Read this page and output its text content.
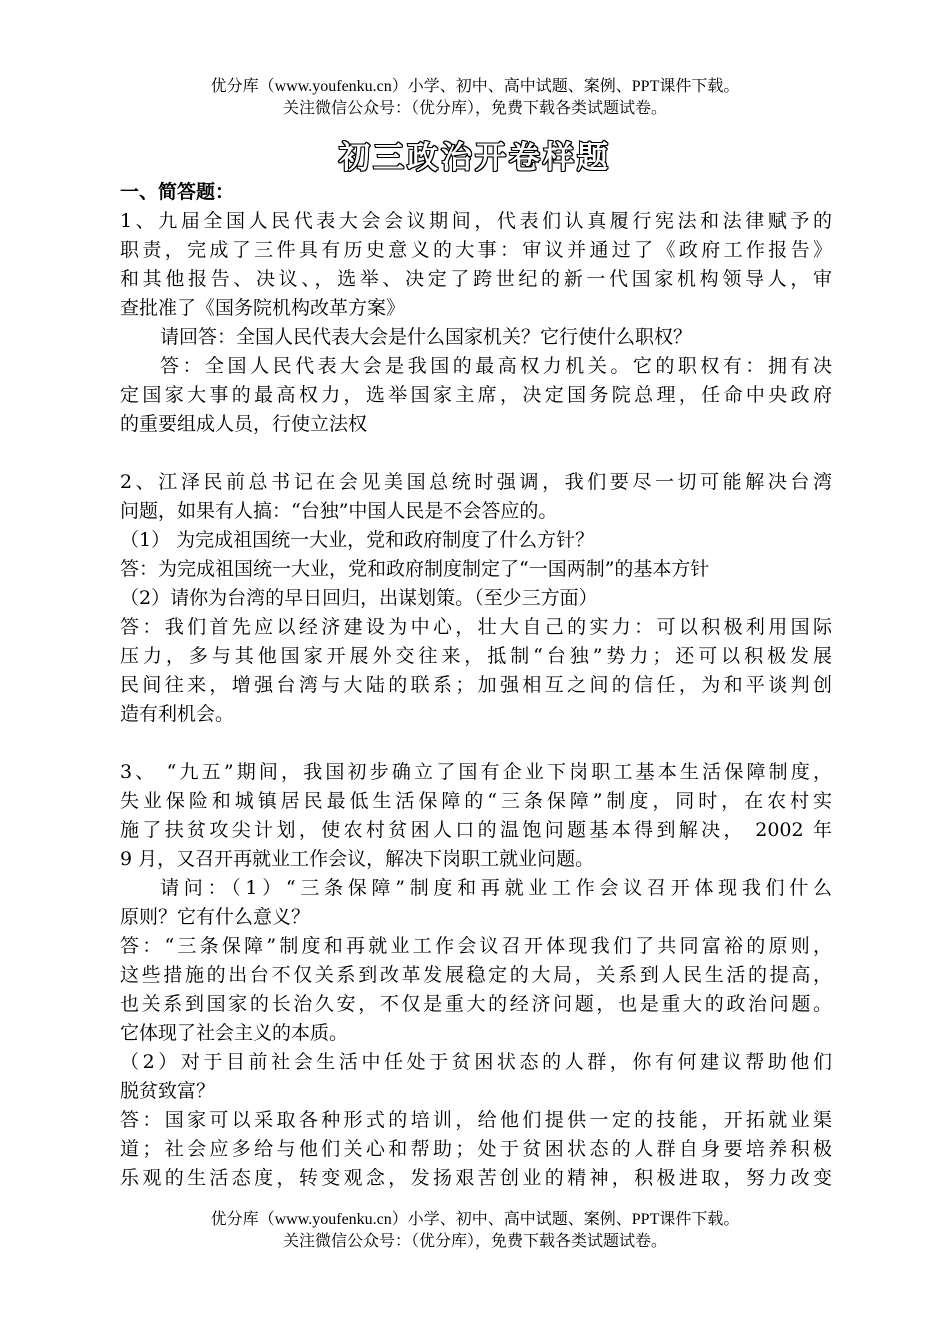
优分库（www.youfenku.cn）小学、初中、高中试题、案例、PPT课件下载。
关注微信公众号：（优分库），免费下载各类试题试卷。
初三政治开卷样题
一、简答题：
1、九届全国人民代表大会会议期间，代表们认真履行宪法和法律赋予的
职责，完成了三件具有历史意义的大事：审议并通过了《政府工作报告》
和其他报告、决议、，选举、决定了跨世纪的新一代国家机构领导人，审
查批准了《国务院机构改革方案》
请回答：全国人民代表大会是什么国家机关？它行使什么职权？
答：全国人民代表大会是我国的最高权力机关。它的职权有：拥有决
定国家大事的最高权力，选举国家主席，决定国务院总理，任命中央政府
的重要组成人员，行使立法权
2、江泽民前总书记在会见美国总统时强调，我们要尽一切可能解决台湾
问题，如果有人搞：“台独”中国人民是不会答应的。
（1） 为完成祖国统一大业，党和政府制度了什么方针？
答：为完成祖国统一大业，党和政府制度制定了“一国两制”的基本方针
（2）请你为台湾的早日回归，出谋划策。（至少三方面）
答：我们首先应以经济建设为中心，壮大自己的实力：可以积极利用国际
压力，多与其他国家开展外交往来，抵制“台独”势力；还可以积极发展
民间往来，增强台湾与大陆的联系；加强相互之间的信任，为和平谈判创
造有利机会。
3、 “九五”期间，我国初步确立了国有企业下岗职工基本生活保障制度，
失业保险和城镇居民最低生活保障的“三条保障”制度，同时，在农村实
施了扶贫攻尖计划，使农村贫困人口的温饱问题基本得到解决， 2002 年
9 月，又召开再就业工作会议，解决下岗职工就业问题。
请问：（1）“三条保障”制度和再就业工作会议召开体现我们什么
原则？它有什么意义？
答：“三条保障”制度和再就业工作会议召开体现我们了共同富裕的原则，
这些措施的出台不仅关系到改革发展稳定的大局，关系到人民生活的提高，
也关系到国家的长治久安，不仅是重大的经济问题，也是重大的政治问题。
它体现了社会主义的本质。
（2）对于目前社会生活中任处于贫困状态的人群，你有何建议帮助他们
脱贫致富？
答：国家可以采取各种形式的培训，给他们提供一定的技能，开拓就业渠
道；社会应多给与他们关心和帮助；处于贫困状态的人群自身要培养积极
乐观的生活态度，转变观念，发扬艰苦创业的精神，积极进取，努力改变
优分库（www.youfenku.cn）小学、初中、高中试题、案例、PPT课件下载。
关注微信公众号：（优分库），免费下载各类试题试卷。
